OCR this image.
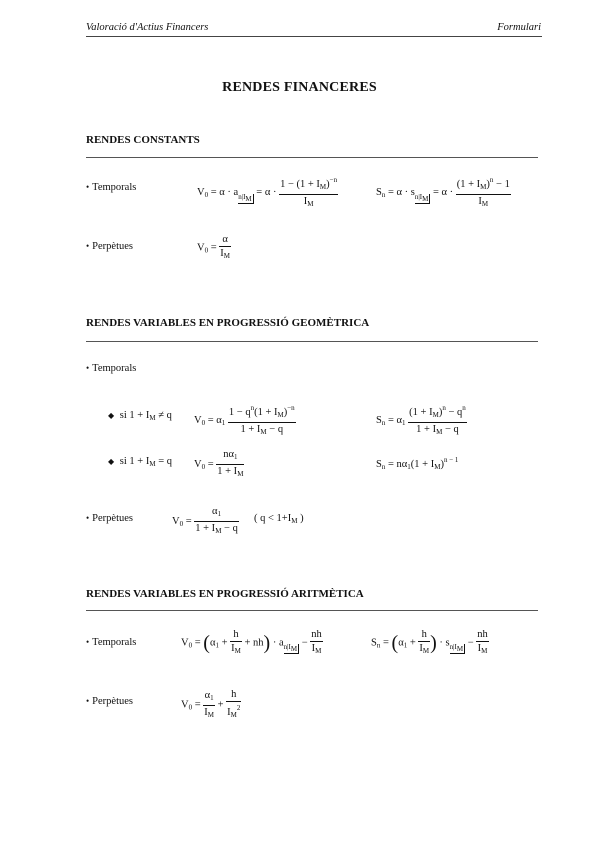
Valoració d'Actius Financers	Formulari
RENDES FINANCERES
RENDES CONSTANTS
• Temporals	$V_0 = \alpha \cdot an|I_M = \alpha \cdot \frac{1 - (1 + I_M)^{-n}}{I_M}$	$S_n = \alpha \cdot sn|I_M = \alpha \cdot \frac{(1 + I_M)^n - 1}{I_M}$
• Perpètues	$V_0 = \frac{\alpha}{I_M}$
RENDES VARIABLES EN PROGRESSIÓ GEOMÈTRICA
• Temporals
◆ si $1 + I_M \ne q$ $V_0 = \alpha_1 \frac{1 - q^n(1 + I_M)^{-n}}{1 + I_M - q}$	$S_n = \alpha_1 \frac{(1 + I_M)^n - q^n}{1 + I_M - q}$
◆ si $1 + I_M = q$ $V_0 = \frac{n\alpha_1}{1 + I_M}$	$S_n = n\alpha_1(1 + I_M)^{n - 1}$
• Perpètues	$V_0 = \frac{\alpha_1}{1 + I_M - q}$ ( $q < 1+I_M$ )
RENDES VARIABLES EN PROGRESSIÓ ARITMÈTICA
• Temporals	$V_0 = (\alpha_1 + \frac{h}{I_M} + nh) \cdot an|I_M - \frac{nh}{I_M}$	$S_n = (\alpha_1 + \frac{h}{I_M}$ ) · $sn|I_M - \frac{nh}{I_M}$
• Perpètues	$V_0 = \frac{\alpha_1}{I_M} + \frac{h}{I_M^2}$
